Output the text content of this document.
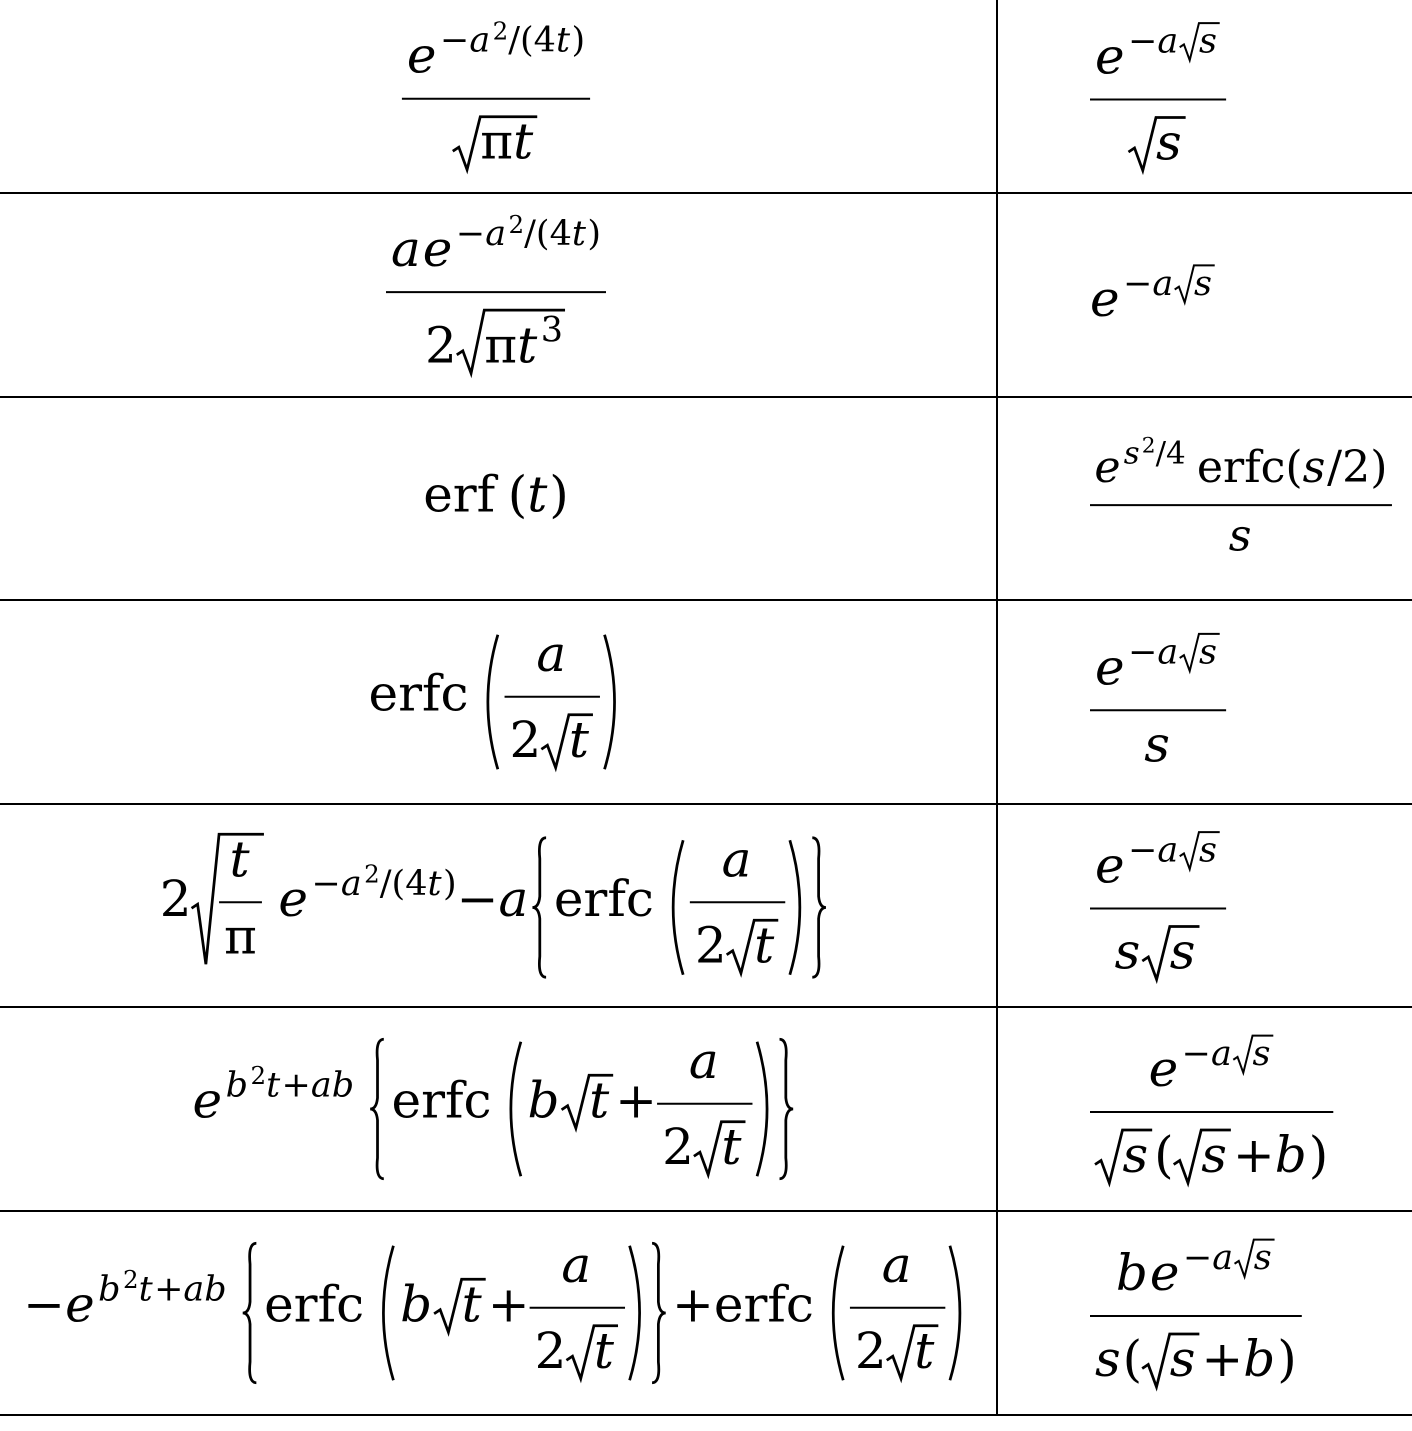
e − a 2 /(4 t )
π t
e − a s
s
a e − a 2 /(4 t )
2 π t 3
e − a s
erf ( t )	e s 2 /4 erfc ( s /2)
s
erfc
a
2 t
e − a s
s
2
t
π
e − a 2 /(4 t ) − a erfc
a
2 t
e − a s
s s
e b 2 t + ab erfc b t +
a
2 t
e − a s
s ( s + b )
− e b 2 t + ab erfc b t +
a
2 t
+ erfc
a
2 t
b e − a s
s ( s + b )
